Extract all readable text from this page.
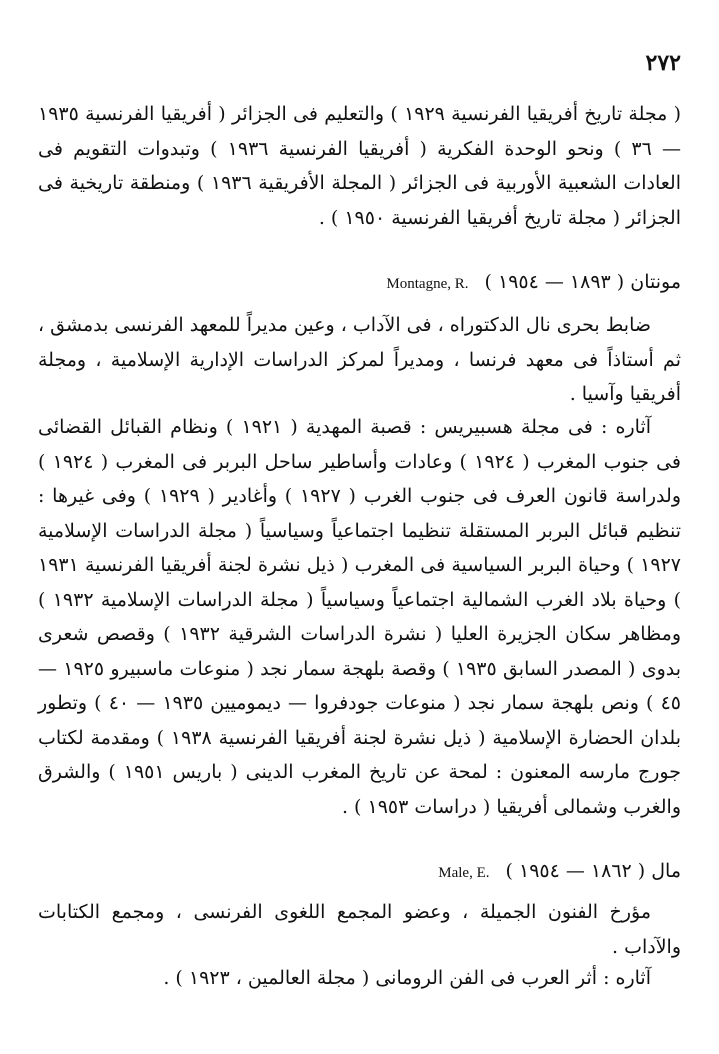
٢٧٢

( مجلة تاريخ أفريقيا الفرنسية ١٩٢٩ ) والتعليم فى الجزائر ( أفريقيا الفرنسية ١٩٣٥ — ٣٦ ) ونحو الوحدة الفكرية ( أفريقيا الفرنسية ١٩٣٦ ) وتبدوات التقويم فى العادات الشعبية الأوربية فى الجزائر ( المجلة الأفريقية ١٩٣٦ ) ومنطقة تاريخية فى الجزائر ( مجلة تاريخ أفريقيا الفرنسية ١٩٥٠ ) .

مونتان ( ١٨٩٣ — ١٩٥٤ ) Montagne, R.

ضابط بحرى نال الدكتوراه ، فى الآداب ، وعين مديراً للمعهد الفرنسى بدمشق ، ثم أستاذاً فى معهد فرنسا ، ومديراً لمركز الدراسات الإدارية الإسلامية ، ومجلة أفريقيا وآسيا .

آثاره : فى مجلة هسبيريس : قصبة المهدية ( ١٩٢١ ) ونظام القبائل القضائى فى جنوب المغرب ( ١٩٢٤ ) وعادات وأساطير ساحل البربر فى المغرب ( ١٩٢٤ ) ولدراسة قانون العرف فى جنوب الغرب ( ١٩٢٧ ) وأغادير ( ١٩٢٩ ) وفى غيرها : تنظيم قبائل البربر المستقلة تنظيما اجتماعياً وسياسياً ( مجلة الدراسات الإسلامية ١٩٢٧ ) وحياة البربر السياسية فى المغرب ( ذيل نشرة لجنة أفريقيا الفرنسية ١٩٣١ ) وحياة بلاد الغرب الشمالية اجتماعياً وسياسياً ( مجلة الدراسات الإسلامية ١٩٣٢ ) ومظاهر سكان الجزيرة العليا ( نشرة الدراسات الشرقية ١٩٣٢ ) وقصص شعرى بدوى ( المصدر السابق ١٩٣٥ ) وقصة بلهجة سمار نجد ( منوعات ماسبيرو ١٩٢٥ — ٤٥ ) ونص بلهجة سمار نجد ( منوعات جودفروا — ديموميين ١٩٣٥ — ٤٠ ) وتطور بلدان الحضارة الإسلامية ( ذيل نشرة لجنة أفريقيا الفرنسية ١٩٣٨ ) ومقدمة لكتاب جورج مارسه المعنون : لمحة عن تاريخ المغرب الدينى ( باريس ١٩٥١ ) والشرق والغرب وشمالى أفريقيا ( دراسات ١٩٥٣ ) .

مال ( ١٨٦٢ — ١٩٥٤ ) Male, E.

مؤرخ الفنون الجميلة ، وعضو المجمع اللغوى الفرنسى ، ومجمع الكتابات والآداب .

آثاره : أثر العرب فى الفن الرومانى ( مجلة العالمين ، ١٩٢٣ ) .
